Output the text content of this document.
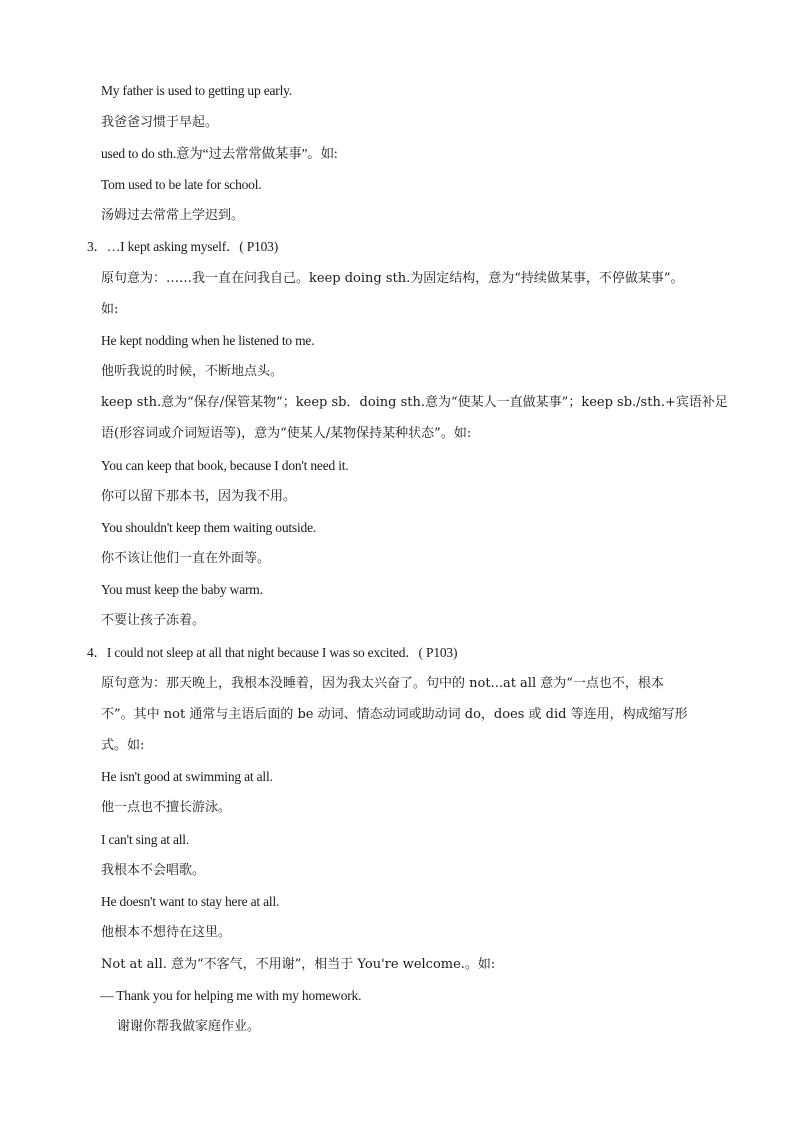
My father is used to getting up early.
我爸爸习惯于早起。
used to do sth.意为“过去常常做某事”。如:
Tom used to be late for school.
汤姆过去常常上学迟到。
3．…I kept asking myself．( P103)
原句意为：……我一直在问我自己。keep doing sth.为固定结构，意为“持续做某事，不停做某事”。
如:
He kept nodding when he listened to me.
他听我说的时候，不断地点头。
keep sth.意为“保存/保管某物”；keep sb．doing sth.意为“使某人一直做某事”；keep sb./sth.+宾语补足
语(形容词或介词短语等)，意为“使某人/某物保持某种状态”。如:
You can keep that book, because I don't need it.
你可以留下那本书，因为我不用。
You shouldn't keep them waiting outside.
你不该让他们一直在外面等。
You must keep the baby warm.
不要让孩子冻着。
4．I could not sleep at all that night because I was so excited．( P103)
原句意为：那天晚上，我根本没睡着，因为我太兴奋了。句中的 not...at all 意为“一点也不，根本
不”。其中 not 通常与主语后面的 be 动词、情态动词或助动词 do，does 或 did 等连用，构成缩写形
式。如:
He isn't good at swimming at all.
他一点也不擅长游泳。
I can't sing at all.
我根本不会唱歌。
He doesn't want to stay here at all.
他根本不想待在这里。
Not at all. 意为“不客气，不用谢”，相当于 You're welcome.。如:
— Thank you for helping me with my homework.
谢谢你帮我做家庭作业。
